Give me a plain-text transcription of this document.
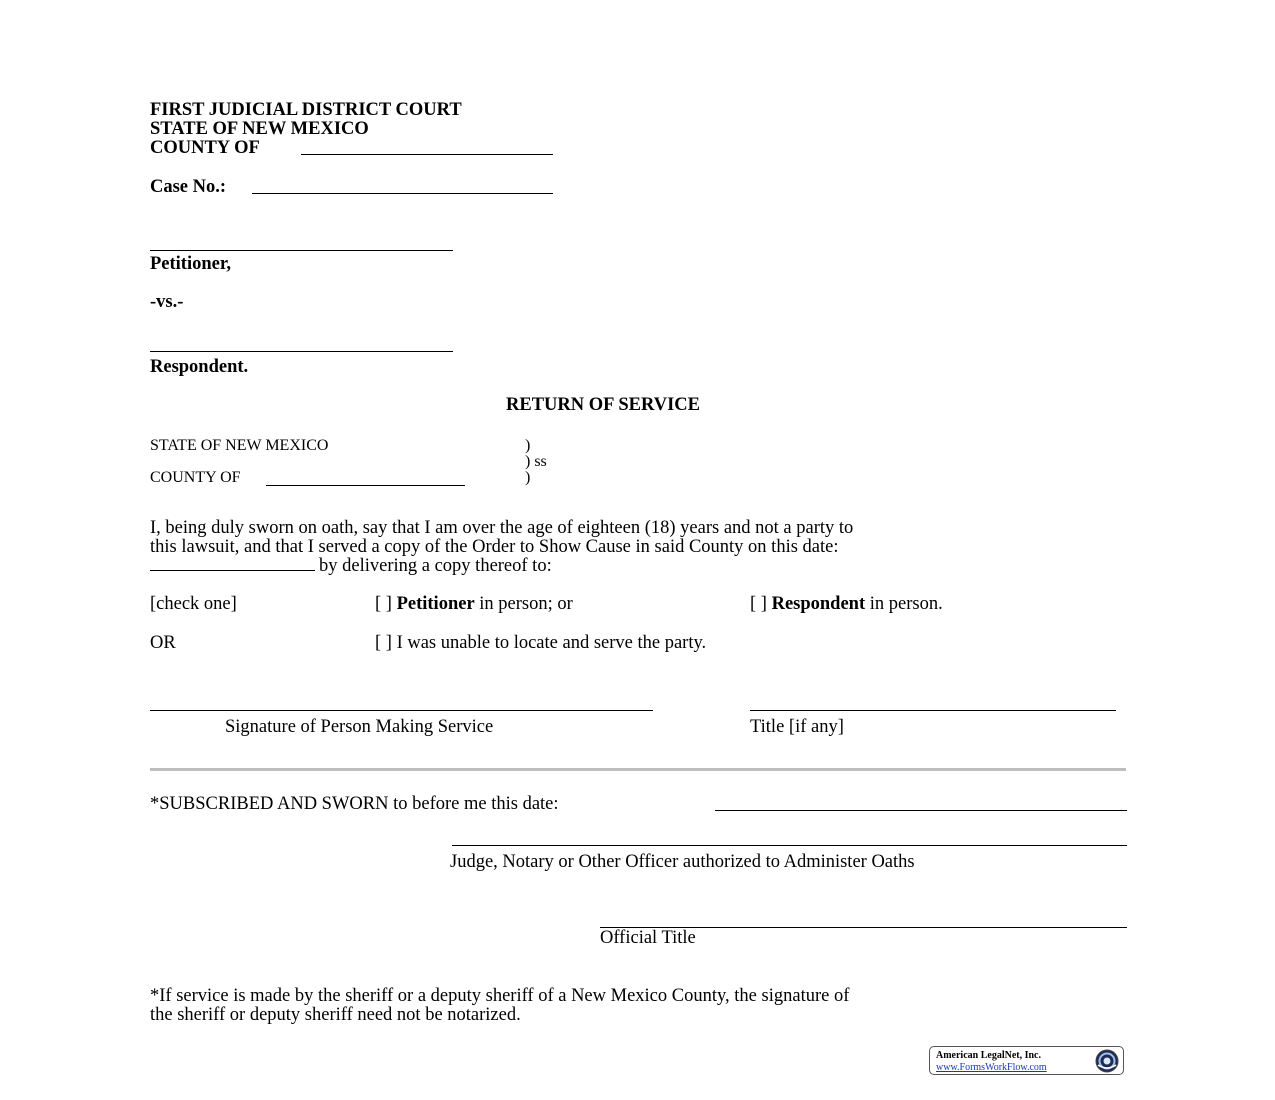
FIRST JUDICIAL DISTRICT COURT
STATE OF NEW MEXICO
COUNTY OF
Case No.:
Petitioner,
-vs.-
Respondent.
RETURN OF SERVICE
STATE OF NEW MEXICO
COUNTY OF
)
) ss
)
I, being duly sworn on oath, say that I am over the age of eighteen (18) years and not a party to
this lawsuit, and that I served a copy of the Order to Show Cause in said County on this date:
by delivering a copy thereof to:
[check one]	[ ] Petitioner in person; or	[ ] Respondent in person.
OR	[ ] I was unable to locate and serve the party.
Signature of Person Making Service	Title [if any]
*SUBSCRIBED AND SWORN to before me this date:
Judge, Notary or Other Officer authorized to Administer Oaths
Official Title
*If service is made by the sheriff or a deputy sheriff of a New Mexico County, the signature of
the sheriff or deputy sheriff need not be notarized.
American LegalNet, Inc.
www.FormsWorkFlow.com
